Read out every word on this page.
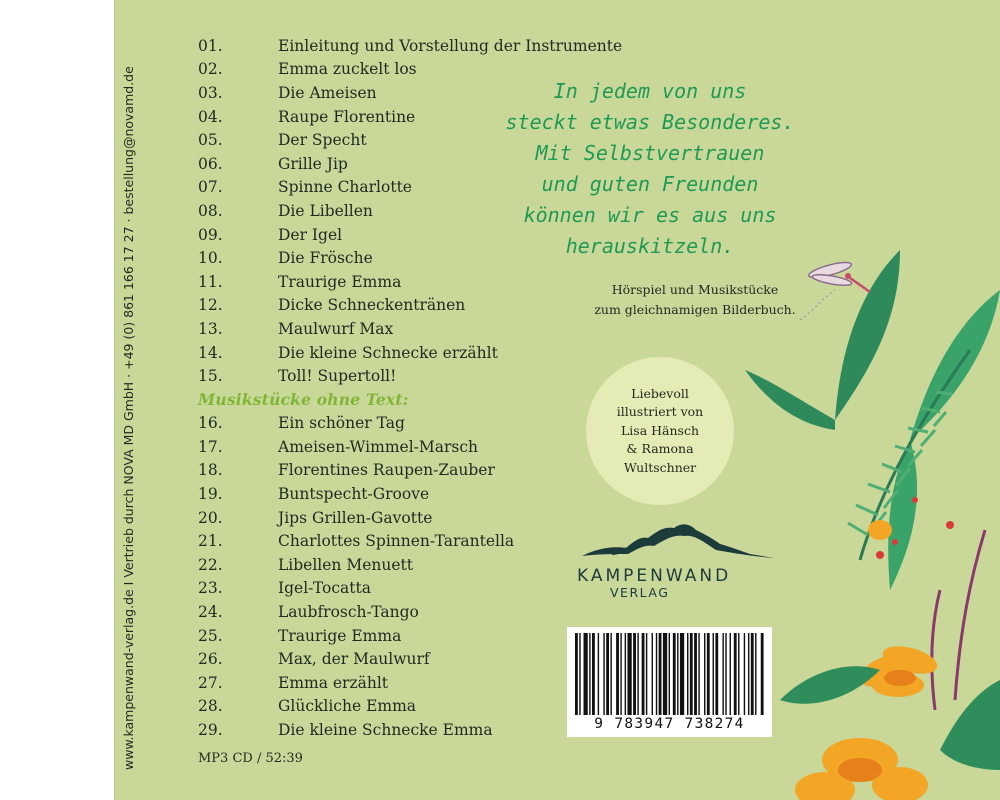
www.kampenwand-verlag.de I Vertrieb durch NOVA MD GmbH · +49 (0) 861 166 17 27 · bestellung@novamd.de
01.	Einleitung und Vorstellung der Instrumente
02.	Emma zuckelt los
03.	Die Ameisen
04.	Raupe Florentine
05.	Der Specht
06.	Grille Jip
07.	Spinne Charlotte
08.	Die Libellen
09.	Der Igel
10.	Die Frösche
11.	Traurige Emma
12.	Dicke Schneckentränen
13.	Maulwurf Max
14.	Die kleine Schnecke erzählt
15.	Toll! Supertoll!
Musikstücke ohne Text:
16.	Ein schöner Tag
17.	Ameisen-Wimmel-Marsch
18.	Florentines Raupen-Zauber
19.	Buntspecht-Groove
20.	Jips Grillen-Gavotte
21.	Charlottes Spinnen-Tarantella
22.	Libellen Menuett
23.	Igel-Tocatta
24.	Laubfrosch-Tango
25.	Traurige Emma
26.	Max, der Maulwurf
27.	Emma erzählt
28.	Glückliche Emma
29.	Die kleine Schnecke Emma
MP3 CD / 52:39
In jedem von uns
steckt etwas Besonderes.
Mit Selbstvertrauen
und guten Freunden
können wir es aus uns
herauskitzeln.
Hörspiel und Musikstücke
zum gleichnamigen Bilderbuch.
Liebevoll
illustriert von
Lisa Hänsch
& Ramona
Wultschner
KAMPENWAND
VERLAG
9 783947 738274
